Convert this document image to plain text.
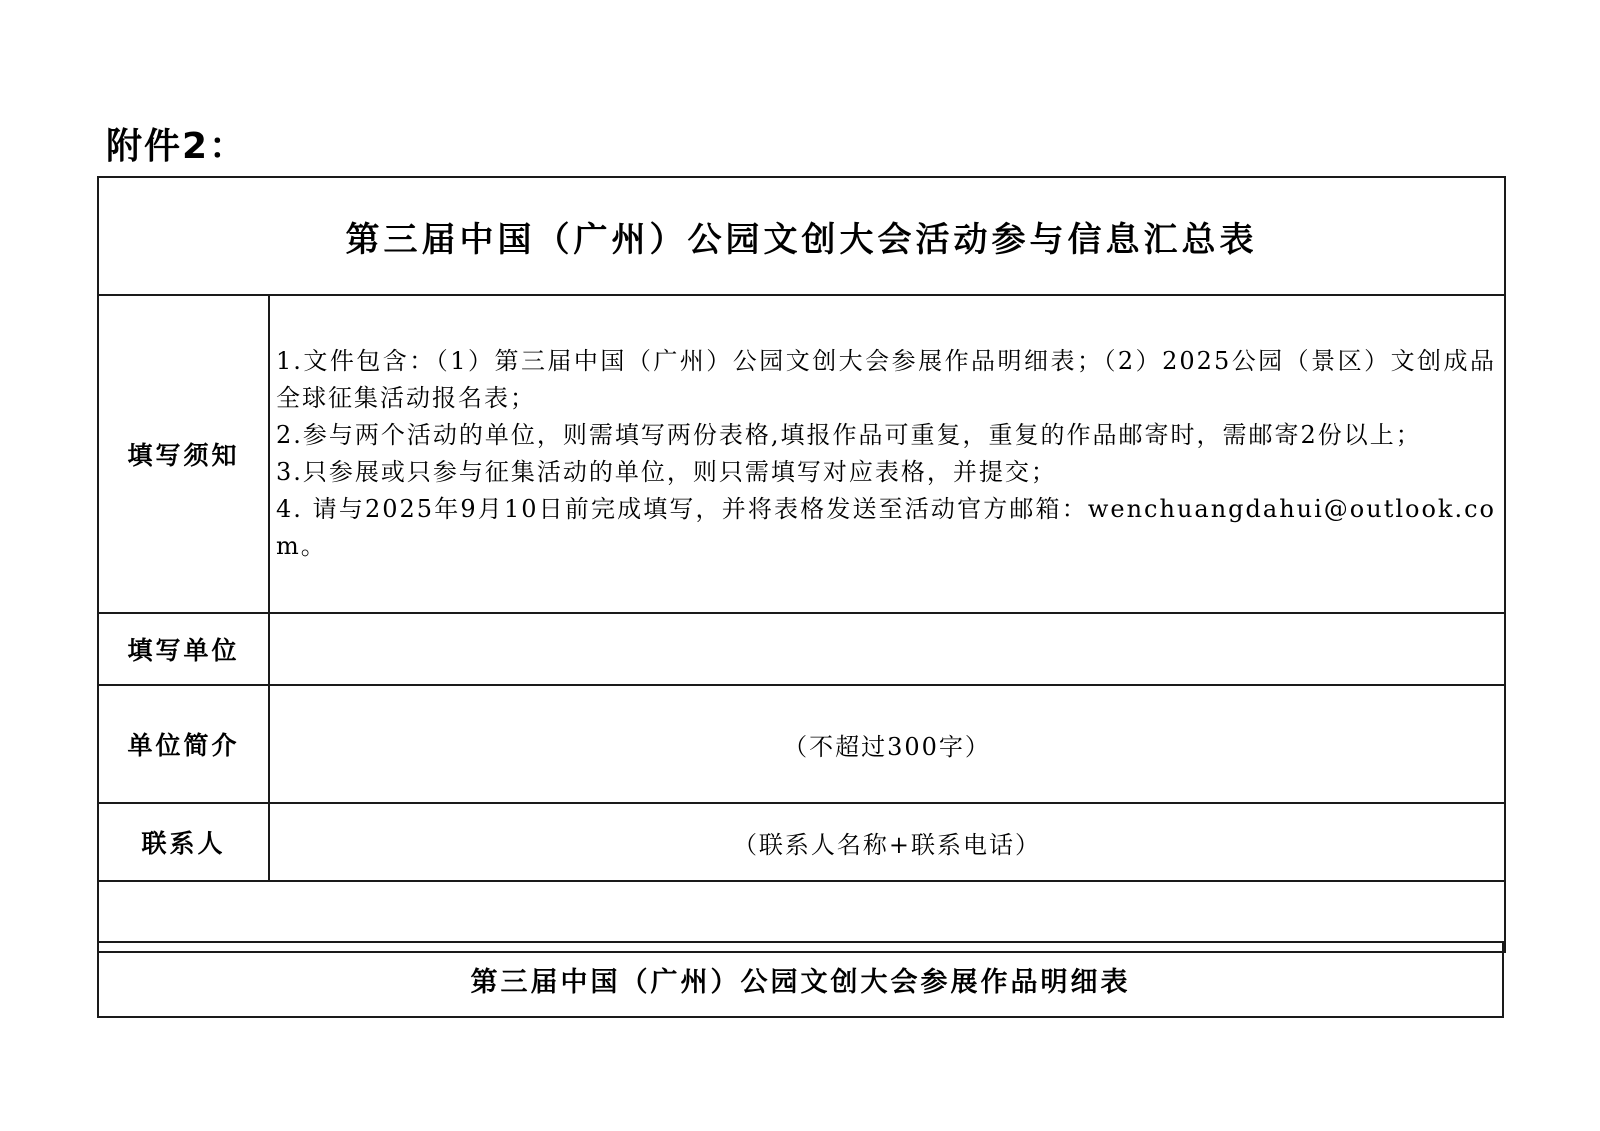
附件2：
第三届中国（广州）公园文创大会活动参与信息汇总表	
填写须知	1.文件包含：（1）第三届中国（广州）公园文创大会参展作品明细表；（2）2025公园（景区）文创成品全球征集活动报名表；

2.参与两个活动的单位，则需填写两份表格,填报作品可重复，重复的作品邮寄时，需邮寄2份以上；

3.只参展或只参与征集活动的单位，则只需填写对应表格，并提交；

4. 请与2025年9月10日前完成填写，并将表格发送至活动官方邮箱：wenchuangdahui@outlook.com。

填写单位	
单位简介	（不超过300字）
联系人	（联系人名称+联系电话）

第三届中国（广州）公园文创大会参展作品明细表
